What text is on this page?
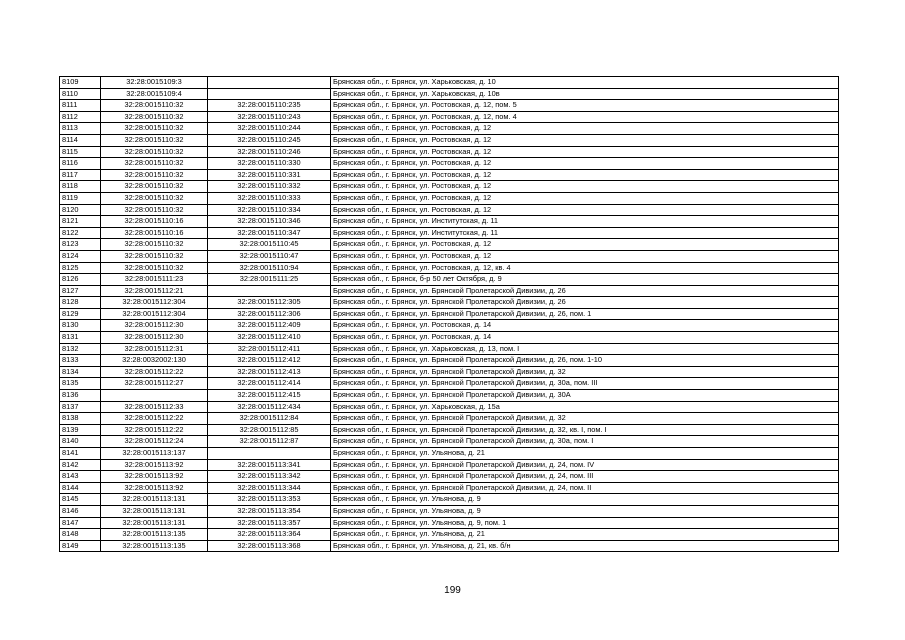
8109	32:28:0015109:3		Брянская обл., г. Брянск, ул. Харьковская, д. 10
8110	32:28:0015109:4		Брянская обл., г. Брянск, ул. Харьковская, д. 10в
8111	32:28:0015110:32	32:28:0015110:235	Брянская обл., г. Брянск, ул. Ростовская, д. 12, пом. 5
8112	32:28:0015110:32	32:28:0015110:243	Брянская обл., г. Брянск, ул. Ростовская, д. 12, пом. 4
8113	32:28:0015110:32	32:28:0015110:244	Брянская обл., г. Брянск, ул. Ростовская, д. 12
8114	32:28:0015110:32	32:28:0015110:245	Брянская обл., г. Брянск, ул. Ростовская, д. 12
8115	32:28:0015110:32	32:28:0015110:246	Брянская обл., г. Брянск, ул. Ростовская, д. 12
8116	32:28:0015110:32	32:28:0015110:330	Брянская обл., г. Брянск, ул. Ростовская, д. 12
8117	32:28:0015110:32	32:28:0015110:331	Брянская обл., г. Брянск, ул. Ростовская, д. 12
8118	32:28:0015110:32	32:28:0015110:332	Брянская обл., г. Брянск, ул. Ростовская, д. 12
8119	32:28:0015110:32	32:28:0015110:333	Брянская обл., г. Брянск, ул. Ростовская, д. 12
8120	32:28:0015110:32	32:28:0015110:334	Брянская обл., г. Брянск, ул. Ростовская, д. 12
8121	32:28:0015110:16	32:28:0015110:346	Брянская обл., г. Брянск, ул. Институтская, д. 11
8122	32:28:0015110:16	32:28:0015110:347	Брянская обл., г. Брянск, ул. Институтская, д. 11
8123	32:28:0015110:32	32:28:0015110:45	Брянская обл., г. Брянск, ул. Ростовская, д. 12
8124	32:28:0015110:32	32:28:0015110:47	Брянская обл., г. Брянск, ул. Ростовская, д. 12
8125	32:28:0015110:32	32:28:0015110:94	Брянская обл., г. Брянск, ул. Ростовская, д. 12, кв. 4
8126	32:28:0015111:23	32:28:0015111:25	Брянская обл., г. Брянск, б-р 50 лет Октября, д. 9
8127	32:28:0015112:21		Брянская обл., г. Брянск, ул. Брянской Пролетарской Дивизии, д. 26
8128	32:28:0015112:304	32:28:0015112:305	Брянская обл., г. Брянск, ул. Брянской Пролетарской Дивизии, д. 26
8129	32:28:0015112:304	32:28:0015112:306	Брянская обл., г. Брянск, ул. Брянской Пролетарской Дивизии, д. 26, пом. 1
8130	32:28:0015112:30	32:28:0015112:409	Брянская обл., г. Брянск, ул. Ростовская, д. 14
8131	32:28:0015112:30	32:28:0015112:410	Брянская обл., г. Брянск, ул. Ростовская, д. 14
8132	32:28:0015112:31	32:28:0015112:411	Брянская обл., г. Брянск, ул. Харьковская, д. 13, пом. I
8133	32:28:0032002:130	32:28:0015112:412	Брянская обл., г. Брянск, ул. Брянской Пролетарской Дивизии, д. 26, пом. 1-10
8134	32:28:0015112:22	32:28:0015112:413	Брянская обл., г. Брянск, ул. Брянской Пролетарской Дивизии, д. 32
8135	32:28:0015112:27	32:28:0015112:414	Брянская обл., г. Брянск, ул. Брянской Пролетарской Дивизии, д. 30а, пом. III
8136		32:28:0015112:415	Брянская обл., г. Брянск, ул. Брянской Пролетарской Дивизии, д. 30А
8137	32:28:0015112:33	32:28:0015112:434	Брянская обл., г. Брянск, ул. Харьковская, д. 15а
8138	32:28:0015112:22	32:28:0015112:84	Брянская обл., г. Брянск, ул. Брянской Пролетарской Дивизии, д. 32
8139	32:28:0015112:22	32:28:0015112:85	Брянская обл., г. Брянск, ул. Брянской Пролетарской Дивизии, д. 32, кв. I, пом. I
8140	32:28:0015112:24	32:28:0015112:87	Брянская обл., г. Брянск, ул. Брянской Пролетарской Дивизии, д. 30а, пом. I
8141	32:28:0015113:137		Брянская обл., г. Брянск, ул. Ульянова, д. 21
8142	32:28:0015113:92	32:28:0015113:341	Брянская обл., г. Брянск, ул. Брянской Пролетарской Дивизии, д. 24, пом. IV
8143	32:28:0015113:92	32:28:0015113:342	Брянская обл., г. Брянск, ул. Брянской Пролетарской Дивизии, д. 24, пом. III
8144	32:28:0015113:92	32:28:0015113:344	Брянская обл., г. Брянск, ул. Брянской Пролетарской Дивизии, д. 24, пом. II
8145	32:28:0015113:131	32:28:0015113:353	Брянская обл., г. Брянск, ул. Ульянова, д. 9
8146	32:28:0015113:131	32:28:0015113:354	Брянская обл., г. Брянск, ул. Ульянова, д. 9
8147	32:28:0015113:131	32:28:0015113:357	Брянская обл., г. Брянск, ул. Ульянова, д. 9, пом. 1
8148	32:28:0015113:135	32:28:0015113:364	Брянская обл., г. Брянск, ул. Ульянова, д. 21
8149	32:28:0015113:135	32:28:0015113:368	Брянская обл., г. Брянск, ул. Ульянова, д. 21, кв. б/н
199
